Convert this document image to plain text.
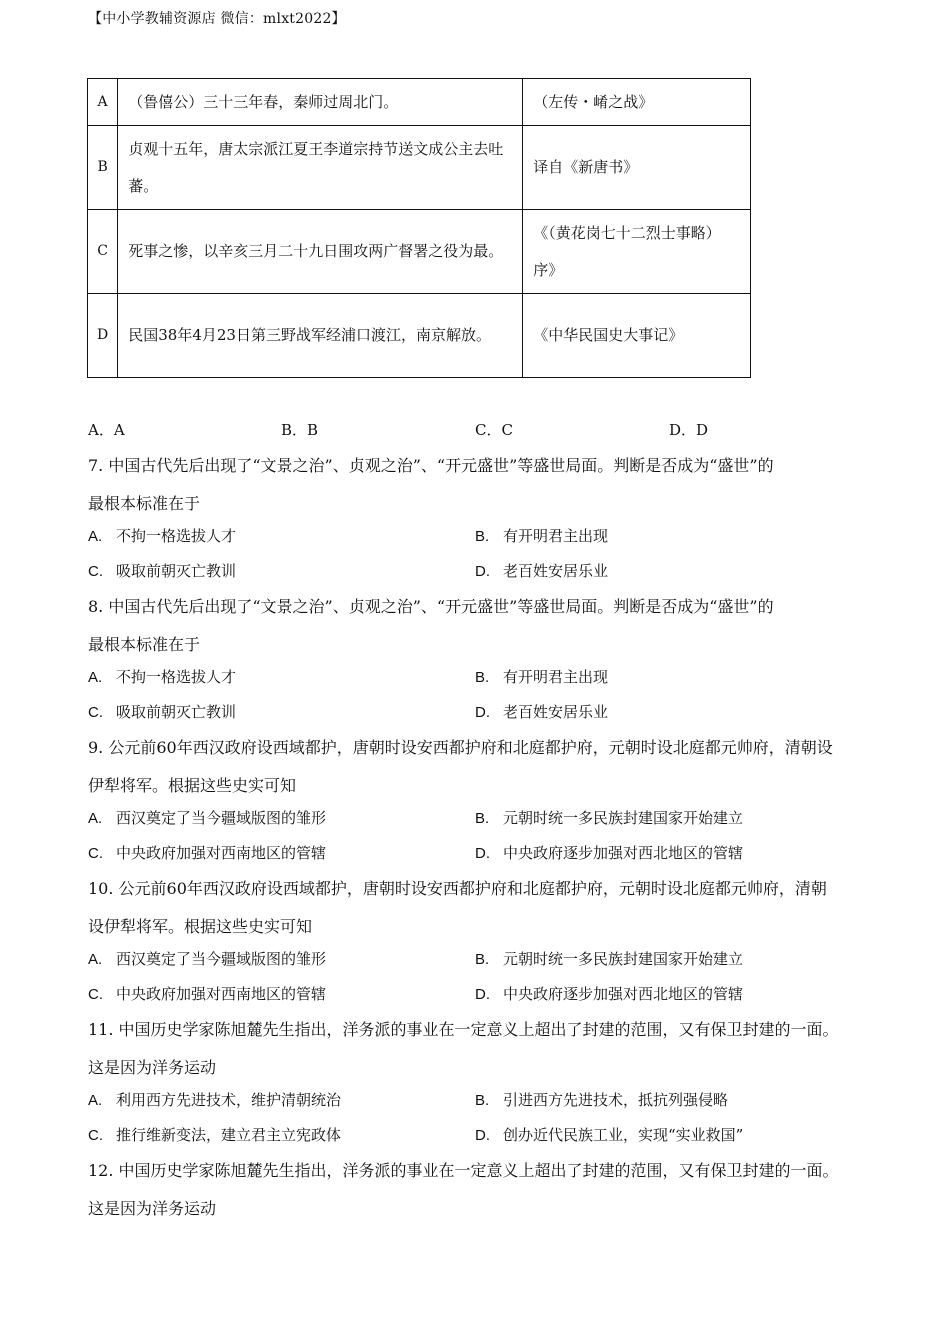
【中小学教辅资源店 微信：mlxt2022】
A	（鲁僖公）三十三年春，秦师过周北门。	（左传・崤之战》
B	贞观十五年，唐太宗派江夏王李道宗持节送文成公主去吐蕃。	译自《新唐书》
C	死事之惨，以辛亥三月二十九日围攻两广督署之役为最。	《（黄花岗七十二烈士事略）序》
D	民国38年4月23日第三野战军经浦口渡江，南京解放。	《中华民国史大事记》
A．A	B．B	C．C	D．D
7. 中国古代先后出现了“文景之治”、贞观之治”、“开元盛世”等盛世局面。判断是否成为“盛世”的
最根本标准在于
A. 不拘一格选拔人才	B. 有开明君主出现
C. 吸取前朝灭亡教训	D. 老百姓安居乐业
8. 中国古代先后出现了“文景之治”、贞观之治”、“开元盛世”等盛世局面。判断是否成为“盛世”的
最根本标准在于
A. 不拘一格选拔人才	B. 有开明君主出现
C. 吸取前朝灭亡教训	D. 老百姓安居乐业
9. 公元前60年西汉政府设西域都护，唐朝时设安西都护府和北庭都护府，元朝时设北庭都元帅府，清朝设
伊犁将军。根据这些史实可知
A. 西汉奠定了当今疆域版图的雏形	B. 元朝时统一多民族封建国家开始建立
C. 中央政府加强对西南地区的管辖	D. 中央政府逐步加强对西北地区的管辖
10. 公元前60年西汉政府设西域都护，唐朝时设安西都护府和北庭都护府，元朝时设北庭都元帅府，清朝
设伊犁将军。根据这些史实可知
A. 西汉奠定了当今疆域版图的雏形	B. 元朝时统一多民族封建国家开始建立
C. 中央政府加强对西南地区的管辖	D. 中央政府逐步加强对西北地区的管辖
11. 中国历史学家陈旭麓先生指出，洋务派的事业在一定意义上超出了封建的范围，又有保卫封建的一面。
这是因为洋务运动
A. 利用西方先进技术，维护清朝统治	B. 引进西方先进技术，抵抗列强侵略
C. 推行维新变法，建立君主立宪政体	D. 创办近代民族工业，实现“实业救国”
12. 中国历史学家陈旭麓先生指出，洋务派的事业在一定意义上超出了封建的范围，又有保卫封建的一面。
这是因为洋务运动
